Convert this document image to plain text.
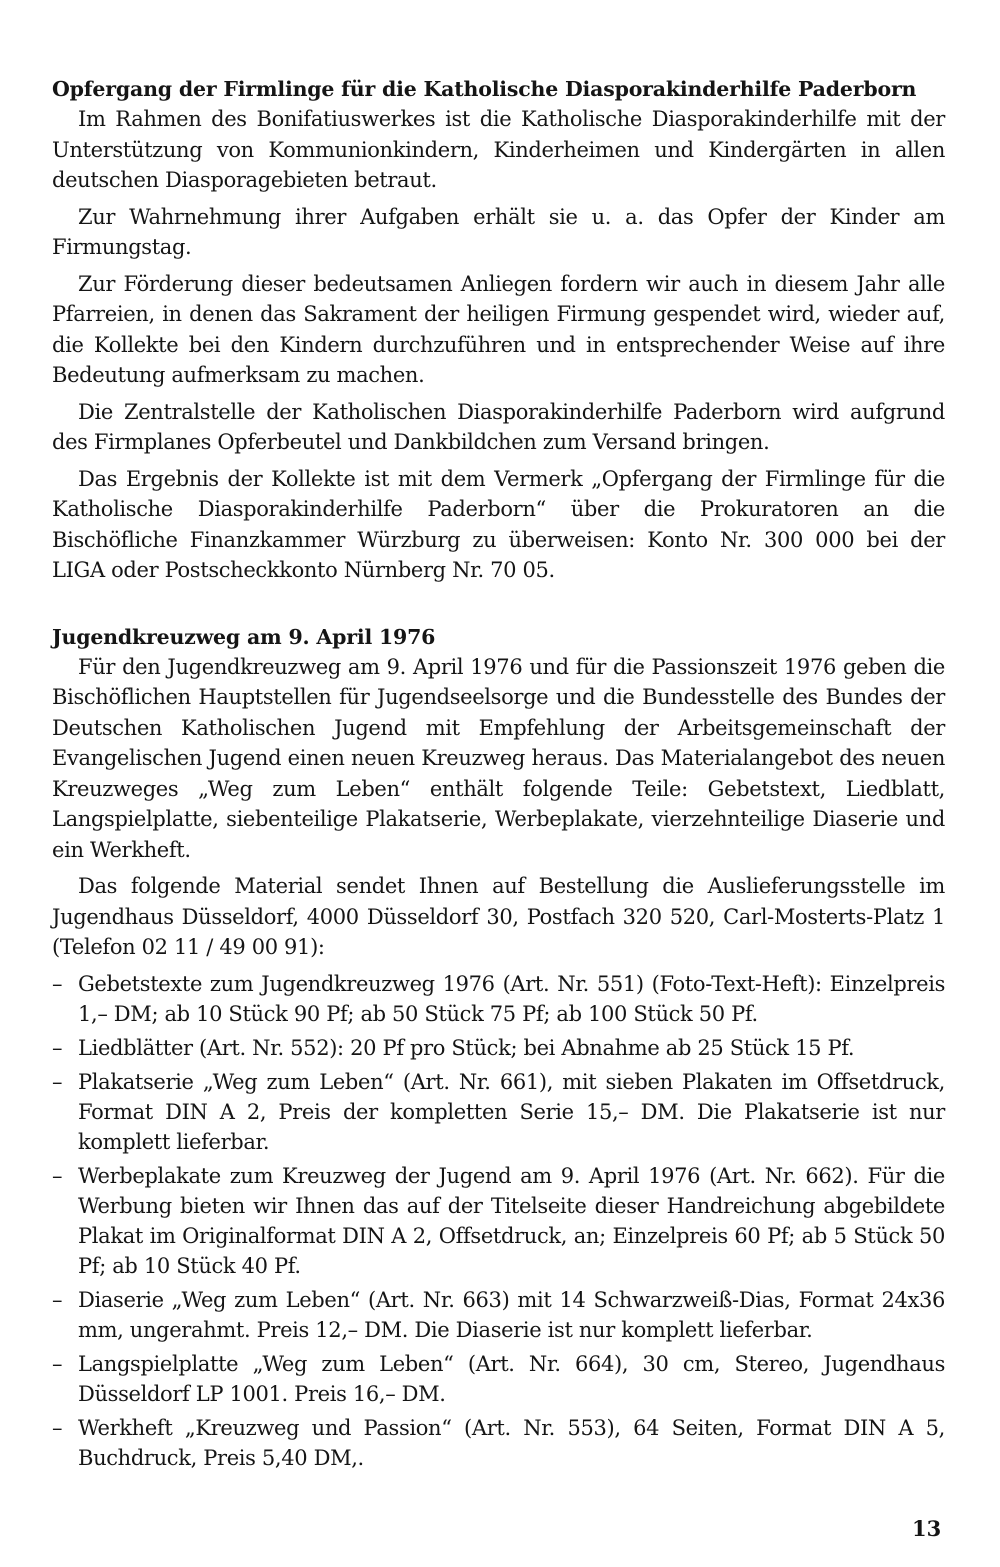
Opfergang der Firmlinge für die Katholische Diasporakinderhilfe Paderborn

Im Rahmen des Bonifatiuswerkes ist die Katholische Diasporakinderhilfe mit der Unterstützung von Kommunionkindern, Kinderheimen und Kindergärten in allen deutschen Diasporagebieten betraut.

Zur Wahrnehmung ihrer Aufgaben erhält sie u. a. das Opfer der Kinder am Firmungstag.

Zur Förderung dieser bedeutsamen Anliegen fordern wir auch in diesem Jahr alle Pfarreien, in denen das Sakrament der heiligen Firmung gespendet wird, wieder auf, die Kollekte bei den Kindern durchzuführen und in entsprechender Weise auf ihre Bedeutung aufmerksam zu machen.

Die Zentralstelle der Katholischen Diasporakinderhilfe Paderborn wird aufgrund des Firmplanes Opferbeutel und Dankbildchen zum Versand bringen.

Das Ergebnis der Kollekte ist mit dem Vermerk „Opfergang der Firmlinge für die Katholische Diasporakinderhilfe Paderborn“ über die Prokuratoren an die Bischöfliche Finanzkammer Würzburg zu überweisen: Konto Nr. 300 000 bei der LIGA oder Postscheckkonto Nürnberg Nr. 70 05.

Jugendkreuzweg am 9. April 1976

Für den Jugendkreuzweg am 9. April 1976 und für die Passionszeit 1976 geben die Bischöflichen Hauptstellen für Jugendseelsorge und die Bundesstelle des Bundes der Deutschen Katholischen Jugend mit Empfehlung der Arbeitsgemeinschaft der Evangelischen Jugend einen neuen Kreuzweg heraus. Das Materialangebot des neuen Kreuzweges „Weg zum Leben“ enthält folgende Teile: Gebetstext, Liedblatt, Langspielplatte, siebenteilige Plakatserie, Werbeplakate, vierzehnteilige Diaserie und ein Werkheft.

Das folgende Material sendet Ihnen auf Bestellung die Auslieferungsstelle im Jugendhaus Düsseldorf, 4000 Düsseldorf 30, Postfach 320 520, Carl-Mosterts-Platz 1 (Telefon 02 11 / 49 00 91):

– Gebetstexte zum Jugendkreuzweg 1976 (Art. Nr. 551) (Foto-Text-Heft): Einzelpreis 1,– DM; ab 10 Stück 90 Pf; ab 50 Stück 75 Pf; ab 100 Stück 50 Pf.
– Liedblätter (Art. Nr. 552): 20 Pf pro Stück; bei Abnahme ab 25 Stück 15 Pf.
– Plakatserie „Weg zum Leben“ (Art. Nr. 661), mit sieben Plakaten im Offsetdruck, Format DIN A 2, Preis der kompletten Serie 15,– DM. Die Plakatserie ist nur komplett lieferbar.
– Werbeplakate zum Kreuzweg der Jugend am 9. April 1976 (Art. Nr. 662). Für die Werbung bieten wir Ihnen das auf der Titelseite dieser Handreichung abgebildete Plakat im Originalformat DIN A 2, Offsetdruck, an; Einzelpreis 60 Pf; ab 5 Stück 50 Pf; ab 10 Stück 40 Pf.
– Diaserie „Weg zum Leben“ (Art. Nr. 663) mit 14 Schwarzweiß-Dias, Format 24x36 mm, ungerahmt. Preis 12,– DM. Die Diaserie ist nur komplett lieferbar.
– Langspielplatte „Weg zum Leben“ (Art. Nr. 664), 30 cm, Stereo, Jugendhaus Düsseldorf LP 1001. Preis 16,– DM.
– Werkheft „Kreuzweg und Passion“ (Art. Nr. 553), 64 Seiten, Format DIN A 5, Buchdruck, Preis 5,40 DM,.
13
